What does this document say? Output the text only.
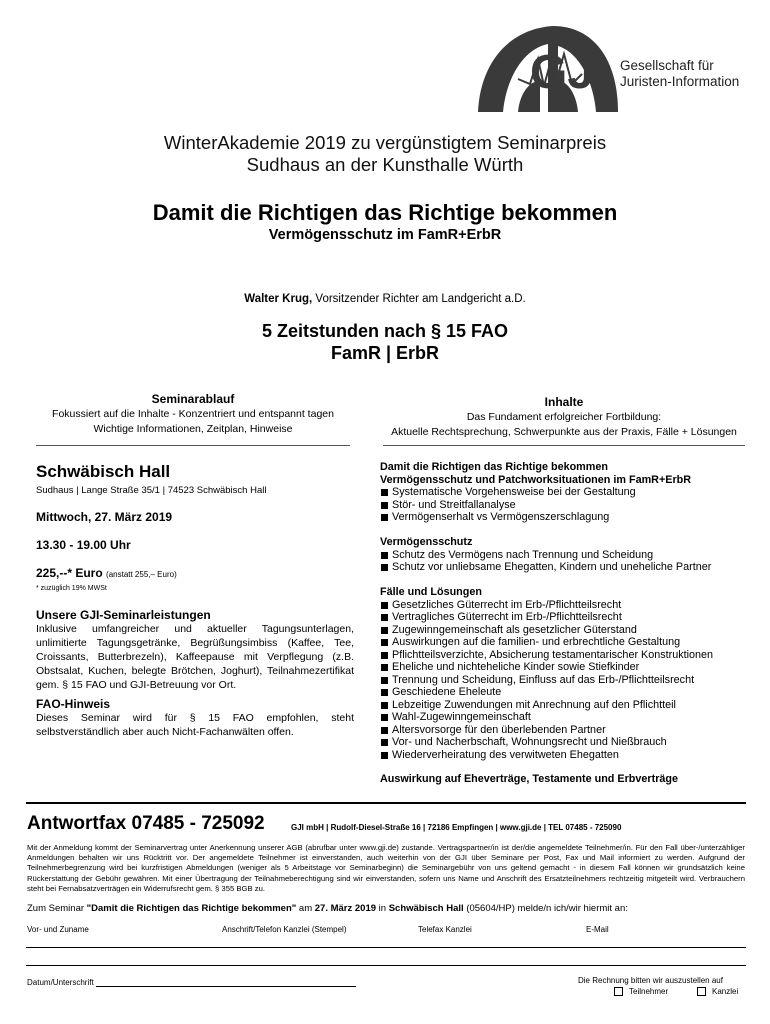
GJI Gesellschaft für
Juristen-Information
WinterAkademie 2019 zu vergünstigtem Seminarpreis
Sudhaus an der Kunsthalle Würth
Damit die Richtigen das Richtige bekommen
Vermögensschutz im FamR+ErbR
Walter Krug, Vorsitzender Richter am Landgericht a.D.
5 Zeitstunden nach § 15 FAO
FamR | ErbR
Seminarablauf
Fokussiert auf die Inhalte - Konzentriert und entspannt tagen
Wichtige Informationen, Zeitplan, Hinweise
Inhalte
Das Fundament erfolgreicher Fortbildung:
Aktuelle Rechtsprechung, Schwerpunkte aus der Praxis, Fälle + Lösungen
Schwäbisch Hall
Sudhaus | Lange Straße 35/1 | 74523 Schwäbisch Hall
Mittwoch, 27. März 2019
13.30 - 19.00 Uhr
225,--* Euro (anstatt 255,– Euro)
* zuzüglich 19% MWSt
Unsere GJI-Seminarleistungen
Inklusive umfangreicher und aktueller Tagungsunterlagen, unlimitierte Tagungsgetränke, Begrüßungsimbiss (Kaffee, Tee, Croissants, Butterbrezeln), Kaffeepause mit Verpflegung (z.B. Obstsalat, Kuchen, belegte Brötchen, Joghurt), Teilnahmezertifikat gem. § 15 FAO und GJI-Betreuung vor Ort.
FAO-Hinweis
Dieses Seminar wird für § 15 FAO empfohlen, steht selbstverständlich aber auch Nicht-Fachanwälten offen.
Damit die Richtigen das Richtige bekommen
Vermögensschutz und Patchworksituationen im FamR+ErbR
Systematische Vorgehensweise bei der Gestaltung
Stör- und Streitfallanalyse
Vermögenserhalt vs Vermögenszerschlagung
Vermögensschutz
Schutz des Vermögens nach Trennung und Scheidung
Schutz vor unliebsame Ehegatten, Kindern und uneheliche Partner
Fälle und Lösungen
Gesetzliches Güterrecht im Erb-/Pflichtteilsrecht
Vertragliches Güterrecht im Erb-/Pflichtteilsrecht
Zugewinngemeinschaft als gesetzlicher Güterstand
Auswirkungen auf die familien- und erbrechtliche Gestaltung
Pflichtteilsverzichte, Absicherung testamentarischer Konstruktionen
Eheliche und nichteheliche Kinder sowie Stiefkinder
Trennung und Scheidung, Einfluss auf das Erb-/Pflichtteilsrecht
Geschiedene Eheleute
Lebzeitige Zuwendungen mit Anrechnung auf den Pflichtteil
Wahl-Zugewinngemeinschaft
Altersvorsorge für den überlebenden Partner
Vor- und Nacherbschaft, Wohnungsrecht und Nießbrauch
Wiederverheiratung des verwitweten Ehegatten
Auswirkung auf Eheverträge, Testamente und Erbverträge
Antwortfax 07485 - 725092	GJI mbH | Rudolf-Diesel-Straße 16 | 72186 Empfingen | www.gji.de | TEL 07485 - 725090
Mit der Anmeldung kommt der Seminarvertrag unter Anerkennung unserer AGB (abrufbar unter www.gji.de) zustande. Vertragspartner/in ist der/die angemeldete Teilnehmer/in. Für den Fall über-/unterzähliger Anmeldungen behalten wir uns Rücktritt vor. Der angemeldete Teilnehmer ist einverstanden, auch weiterhin von der GJI über Seminare per Post, Fax und Mail informiert zu werden. Aufgrund der Teilnehmerbegrenzung wird bei kurzfristigen Abmeldungen (weniger als 5 Arbeitstage vor Seminarbeginn) die Seminargebühr von uns geltend gemacht - in diesem Fall können wir grundsätzlich keine Rückerstattung der Gebühr gewähren. Mit einer Übertragung der Teilnahmeberechtigung sind wir einverstanden, sofern uns Name und Anschrift des Ersatzteilnehmers rechtzeitig mitgeteilt wird. Verbrauchern steht bei Fernabsatzverträgen ein Widerrufsrecht gem. § 355 BGB zu.
Zum Seminar "Damit die Richtigen das Richtige bekommen" am 27. März 2019 in Schwäbisch Hall (05604/HP) melde/n ich/wir hiermit an:
Vor- und Zuname	Anschrift/Telefon Kanzlei (Stempel)	Telefax Kanzlei	E-Mail
Datum/Unterschrift	Die Rechnung bitten wir auszustellen auf
Teilnehmer	Kanzlei
